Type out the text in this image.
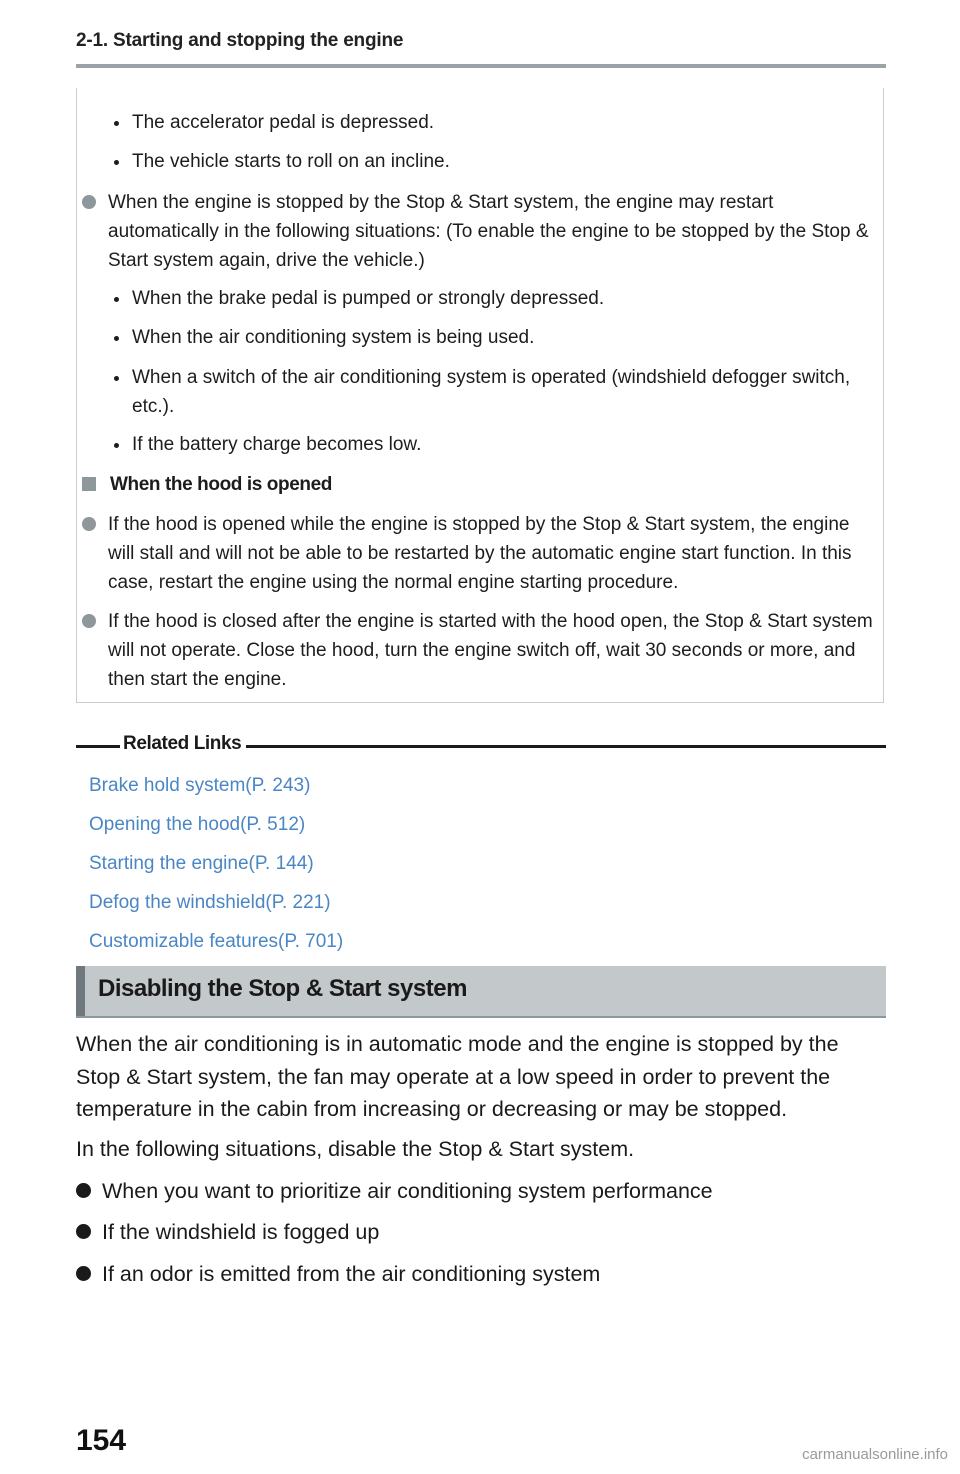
2-1. Starting and stopping the engine
The accelerator pedal is depressed.
The vehicle starts to roll on an incline.
When the engine is stopped by the Stop & Start system, the engine may restart automatically in the following situations: (To enable the engine to be stopped by the Stop & Start system again, drive the vehicle.)
When the brake pedal is pumped or strongly depressed.
When the air conditioning system is being used.
When a switch of the air conditioning system is operated (windshield defogger switch, etc.).
If the battery charge becomes low.
When the hood is opened
If the hood is opened while the engine is stopped by the Stop & Start system, the engine will stall and will not be able to be restarted by the automatic engine start function. In this case, restart the engine using the normal engine starting procedure.
If the hood is closed after the engine is started with the hood open, the Stop & Start system will not operate. Close the hood, turn the engine switch off, wait 30 seconds or more, and then start the engine.
Related Links
Brake hold system(P. 243)
Opening the hood(P. 512)
Starting the engine(P. 144)
Defog the windshield(P. 221)
Customizable features(P. 701)
Disabling the Stop & Start system
When the air conditioning is in automatic mode and the engine is stopped by the Stop & Start system, the fan may operate at a low speed in order to prevent the temperature in the cabin from increasing or decreasing or may be stopped.
In the following situations, disable the Stop & Start system.
When you want to prioritize air conditioning system performance
If the windshield is fogged up
If an odor is emitted from the air conditioning system
154	carmanualsonline.info
